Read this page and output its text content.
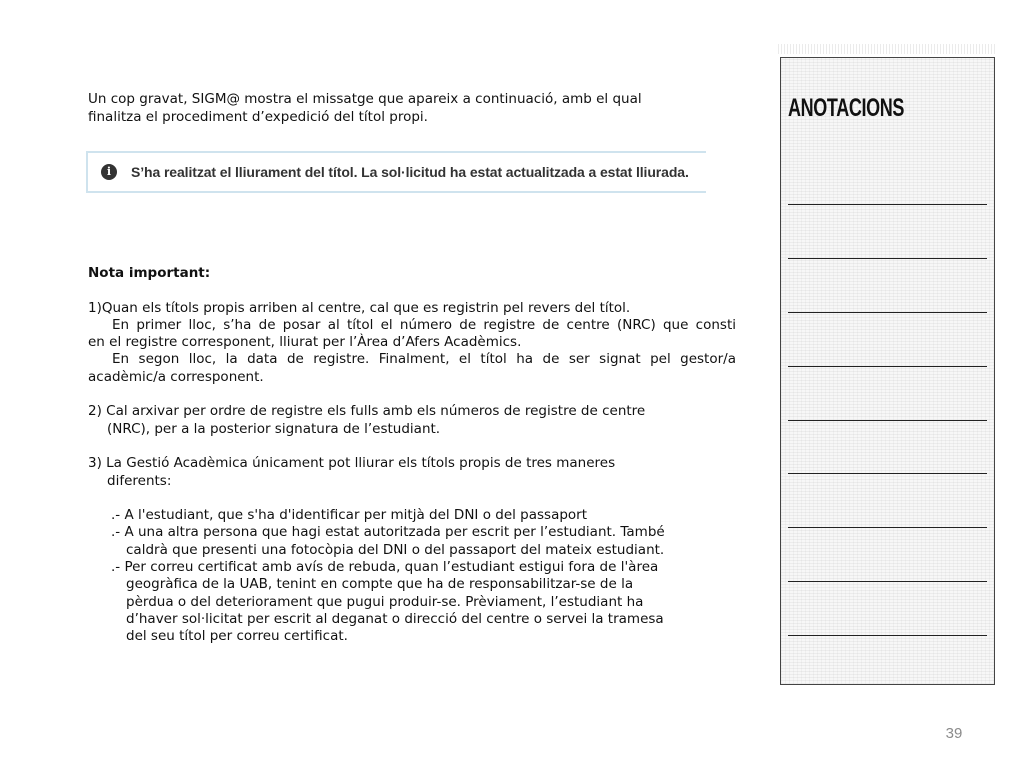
Un cop gravat, SIGM@ mostra el missatge que apareix a continuació, amb el qual

finalitza el procediment d’expedició del títol propi.

i	S’ha realitzat el lliurament del títol. La sol·licitud ha estat actualitzada a estat lliurada.

Nota important:

1)Quan els títols propis arriben al centre, cal que es registrin pel revers del títol.

En primer lloc, s’ha de posar al títol el número de registre de centre (NRC) que consti

en el registre corresponent, lliurat per l’Àrea d’Afers Acadèmics.

En segon lloc, la data de registre. Finalment, el títol ha de ser signat pel gestor/a

acadèmic/a corresponent.

2) Cal arxivar per ordre de registre els fulls amb els números de registre de centre

(NRC), per a la posterior signatura de l’estudiant.

3) La Gestió Acadèmica únicament pot lliurar els títols propis de tres maneres

diferents:

.- A l'estudiant, que s'ha d'identificar per mitjà del DNI o del passaport

.- A una altra persona que hagi estat autoritzada per escrit per l’estudiant. També

caldrà que presenti una fotocòpia del DNI o del passaport del mateix estudiant.

.- Per correu certificat amb avís de rebuda, quan l’estudiant estigui fora de l'àrea

geogràfica de la UAB, tenint en compte que ha de responsabilitzar-se de la

pèrdua o del deteriorament que pugui produir-se. Prèviament, l’estudiant ha

d’haver sol·licitat per escrit al deganat o direcció del centre o servei la tramesa

del seu títol per correu certificat.

ANOTACIONS
39
